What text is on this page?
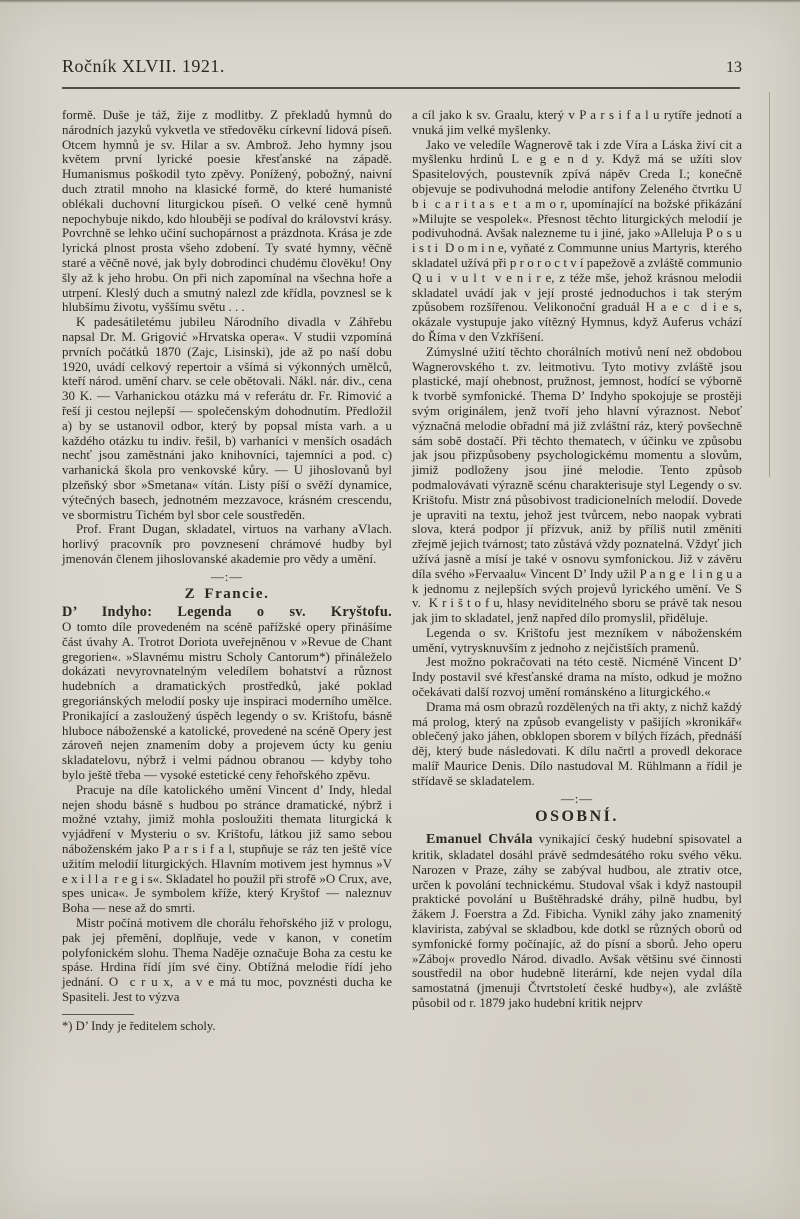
Ročník XLVII. 1921.	13

formě. Duše je táž, žije z modlitby. Z překladů hymnů do národních jazyků vykvetla ve středověku církevní lidová píseň. Otcem hymnů je sv. Hilar a sv. Ambrož. Jeho hymny jsou květem první lyrické poesie křesťanské na západě. Humanismus poškodil tyto zpěvy. Ponížený, pobožný, naivní duch ztratil mnoho na klasické formě, do které humanisté oblékali duchovní liturgickou píseň. O velké ceně hymnů nepochybuje nikdo, kdo hlouběji se podíval do království krásy. Povrchně se lehko učiní suchopárnost a prázdnota. Krása je zde lyrická plnost prosta všeho zdobení. Ty svaté hymny, věčně staré a věčně nové, jak byly dobrodinci chudému člověku! Ony šly až k jeho hrobu. On při nich zapomínal na všechna hoře a utrpení. Kleslý duch a smutný nalezl zde křídla, povznesl se k hlubšímu životu, vyššímu světu . . .

K padesátiletému jubileu Národního divadla v Záhřebu napsal Dr. M. Grigović »Hrvatska opera«. V studii vzpomíná prvních počátků 1870 (Zajc, Lisinski), jde až po naší dobu 1920, uvádí celkový repertoir a všímá si výkonných umělců, kteří národ. umění charv. se cele obětovali. Nákl. nár. div., cena 30 K. — Varhanickou otázku má v referátu dr. Fr. Rimović a řeší ji cestou nejlepší — společenským dohodnutím. Předložil a) by se ustanovil odbor, který by popsal místa varh. a u každého otázku tu indiv. řešil, b) varhaníci v menších osadách nechť jsou zaměstnáni jako knihovníci, tajemníci a pod. c) varhanická škola pro venkovské kůry. — U jihoslovanů byl plzeňský sbor »Smetana« vítán. Listy píší o svěží dynamice, výtečných basech, jednotném mezzavoce, krásném crescendu, ve sbormistru Tichém byl sbor cele soustředěn.

Vlach.
Prof. Frant Dugan, skladatel, virtuos na varhany a horlivý pracovník pro povznesení chrámové hudby byl jmenován členem jihoslovanské akademie pro vědy a umění.

—:—
Z Francie.

D’ Indyho: Legenda o sv. Kryštofu.
O tomto díle provedeném na scéně pařížské opery přinášíme část úvahy A. Trotrot Doriota uveřejněnou v »Revue de Chant gregorien«. »Slavnému mistru Scholy Cantorum*) přináleželo dokázati nevyrovnatelným veledílem bohatství a různost hudebních a dramatických prostředků, jaké poklad gregoriánských melodií posky uje inspiraci moderního umělce. Pronikající a zasloužený úspěch legendy o sv. Krištofu, básně hluboce náboženské a katolické, provedené na scéně Opery jest zároveň nejen znamením doby a projevem úcty ku geniu skladatelovu, nýbrž i velmi pádnou obranou — kdyby toho bylo ještě třeba — vysoké estetické ceny řehořského zpěvu.

Pracuje na díle katolického umění Vincent d’ Indy, hledal nejen shodu básně s hudbou po stránce dramatické, nýbrž i možné vztahy, jimiž mohla posloužiti themata liturgická k vyjádření v Mysteriu o sv. Krištofu, látkou již samo sebou náboženském jako P a r s i f a l, stupňuje se ráz ten ještě více užitím melodií liturgických. Hlavním motivem jest hymnus »V e x i l l a  r e g i s«. Skladatel ho použil při strofě »O Crux, ave, spes unica«. Je symbolem kříže, který Kryštof — naleznuv Boha — nese až do smrti.

Mistr počíná motivem dle chorálu řehořského již v prologu, pak jej přemění, doplňuje, vede v kanon, v conetím polyfonickém slohu. Thema Naděje označuje Boha za cestu ke spáse. Hrdina řídí jím své činy. Obtížná melodie řídí jeho jednání. O  c r u x,  a v e má tu moc, povznésti ducha ke Spasiteli. Jest to výzva

*) D’ Indy je ředitelem scholy.

a cíl jako k sv. Graalu, který v P a r s i f a l u rytíře jednotí a vnuká jim velké myšlenky.

Jako ve veledíle Wagnerově tak i zde Víra a Láska živí cit a myšlenku hrdinů L e g e n d y. Když má se užíti slov Spasitelových, poustevník zpívá nápěv Creda I.; konečně objevuje se podivuhodná melodie antifony Zeleného čtvrtku U b i  c a r i t a s  e t  a m o r, upomínající na božské přikázání »Milujte se vespolek«. Přesnost těchto liturgických melodií je podivuhodná. Avšak nalezneme tu i jiné, jako »Alleluja P o s u i s t i  D o m i n e, vyňaté z Communne unius Martyris, kterého skladatel užívá při p r o r o c t v í papežově a zvláště communio Q u i  v u l t  v e n i r e, z téže mše, jehož krásnou melodii skladatel uvádí jak v její prosté jednoduchos i tak sterým způsobem rozšířenou. Velikonoční graduál H a e c  d i e s, okázale vystupuje jako vítězný Hymnus, když Auferus vchází do Říma v den Vzkříšení.

Zúmyslné užití těchto chorálních motivů není než obdobou Wagnerovského t. zv. leitmotivu. Tyto motivy zvláště jsou plastické, mají ohebnost, pružnost, jemnost, hodící se výborně k tvorbě symfonické. Thema D’ Indyho spokojuje se prostěji svým originálem, jenž tvoří jeho hlavní výraznost. Neboť význačná melodie obřadní má již zvláštní ráz, který povšechně sám sobě dostačí. Při těchto thematech, v účinku ve způsobu jak jsou přizpůsobeny psychologickému momentu a slovům, jimiž podloženy jsou jiné melodie. Tento způsob podmalovávati výrazně scénu charakterisuje styl Legendy o sv. Krištofu. Mistr zná působivost tradicionelních melodií. Dovede je upraviti na textu, jehož jest tvůrcem, nebo naopak vybrati slova, která podpor jí přízvuk, aniž by příliš nutil změniti zřejmě jejich tvárnost; tato zůstává vždy poznatelná. Vždyť jich užívá jasně a mísí je také v osnovu symfonickou. Již v závěru díla svého »Fervaalu« Vincent D’ Indy užil P a n g e  l i n g u a k jednomu z nejlepších svých projevů lyrického umění. Ve S v.  K r i š t o f u, hlasy neviditelného sboru se právě tak nesou jak jim to skladatel, jenž napřed dílo promyslil, přiděluje.

Legenda o sv. Krištofu jest mezníkem v náboženském umění, vytrysknuvším z jednoho z nejčistších pramenů.

Jest možno pokračovati na této cestě. Nicméně Vincent D’ Indy postavil své křesťanské drama na místo, odkud je možno očekávati další rozvoj umění románskéno a liturgického.«

Drama má osm obrazů rozdělených na tři akty, z nichž každý má prolog, který na způsob evangelisty v pašijích »kronikář« oblečený jako jáhen, obklopen sborem v bílých řízách, přednáší děj, který bude následovati. K dílu načrtl a provedl dekorace malíř Maurice Denis. Dílo nastudoval M. Rühlmann a řídil je střídavě se skladatelem.

—:—
OSOBNÍ.

Emanuel Chvála vynikající český hudební spisovatel a kritik, skladatel dosáhl právě sedmdesátého roku svého věku. Narozen v Praze, záhy se zabýval hudbou, ale ztrativ otce, určen k povolání technickému. Studoval však i když nastoupil praktické povolání u Buštěhradské dráhy, pilně hudbu, byl žákem J. Foerstra a Zd. Fibicha. Vynikl záhy jako znamenitý klavirista, zabýval se skladbou, kde dotkl se různých oborů od symfonické formy počínajíc, až do písní a sborů. Jeho operu »Záboj« provedlo Národ. divadlo. Avšak většinu své činnosti soustředil na obor hudebně literární, kde nejen vydal díla samostatná (jmenuji Čtvrtstoletí české hudby«), ale zvláště působil od r. 1879 jako hudební kritik nejprv
